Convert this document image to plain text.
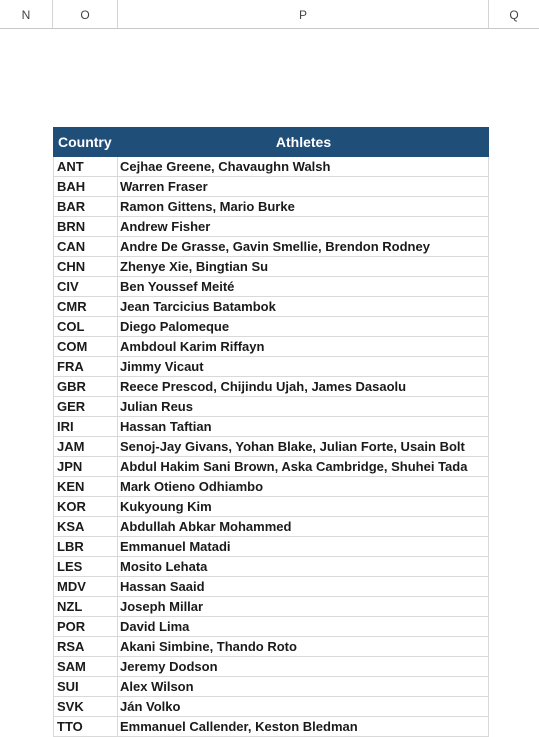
N	O	P	Q
Country	Athletes
ANT	Cejhae Greene, Chavaughn Walsh
BAH	Warren Fraser
BAR	Ramon Gittens, Mario Burke
BRN	Andrew Fisher
CAN	Andre De Grasse, Gavin Smellie, Brendon Rodney
CHN	Zhenye Xie, Bingtian Su
CIV	Ben Youssef Meité
CMR	Jean Tarcicius Batambok
COL	Diego Palomeque
COM	Ambdoul Karim Riffayn
FRA	Jimmy Vicaut
GBR	Reece Prescod, Chijindu Ujah, James Dasaolu
GER	Julian Reus
IRI	Hassan Taftian
JAM	Senoj-Jay Givans, Yohan Blake, Julian Forte, Usain Bolt
JPN	Abdul Hakim Sani Brown, Aska Cambridge, Shuhei Tada
KEN	Mark Otieno Odhiambo
KOR	Kukyoung Kim
KSA	Abdullah Abkar Mohammed
LBR	Emmanuel Matadi
LES	Mosito Lehata
MDV	Hassan Saaid
NZL	Joseph Millar
POR	David Lima
RSA	Akani Simbine, Thando Roto
SAM	Jeremy Dodson
SUI	Alex Wilson
SVK	Ján Volko
TTO	Emmanuel Callender, Keston Bledman
